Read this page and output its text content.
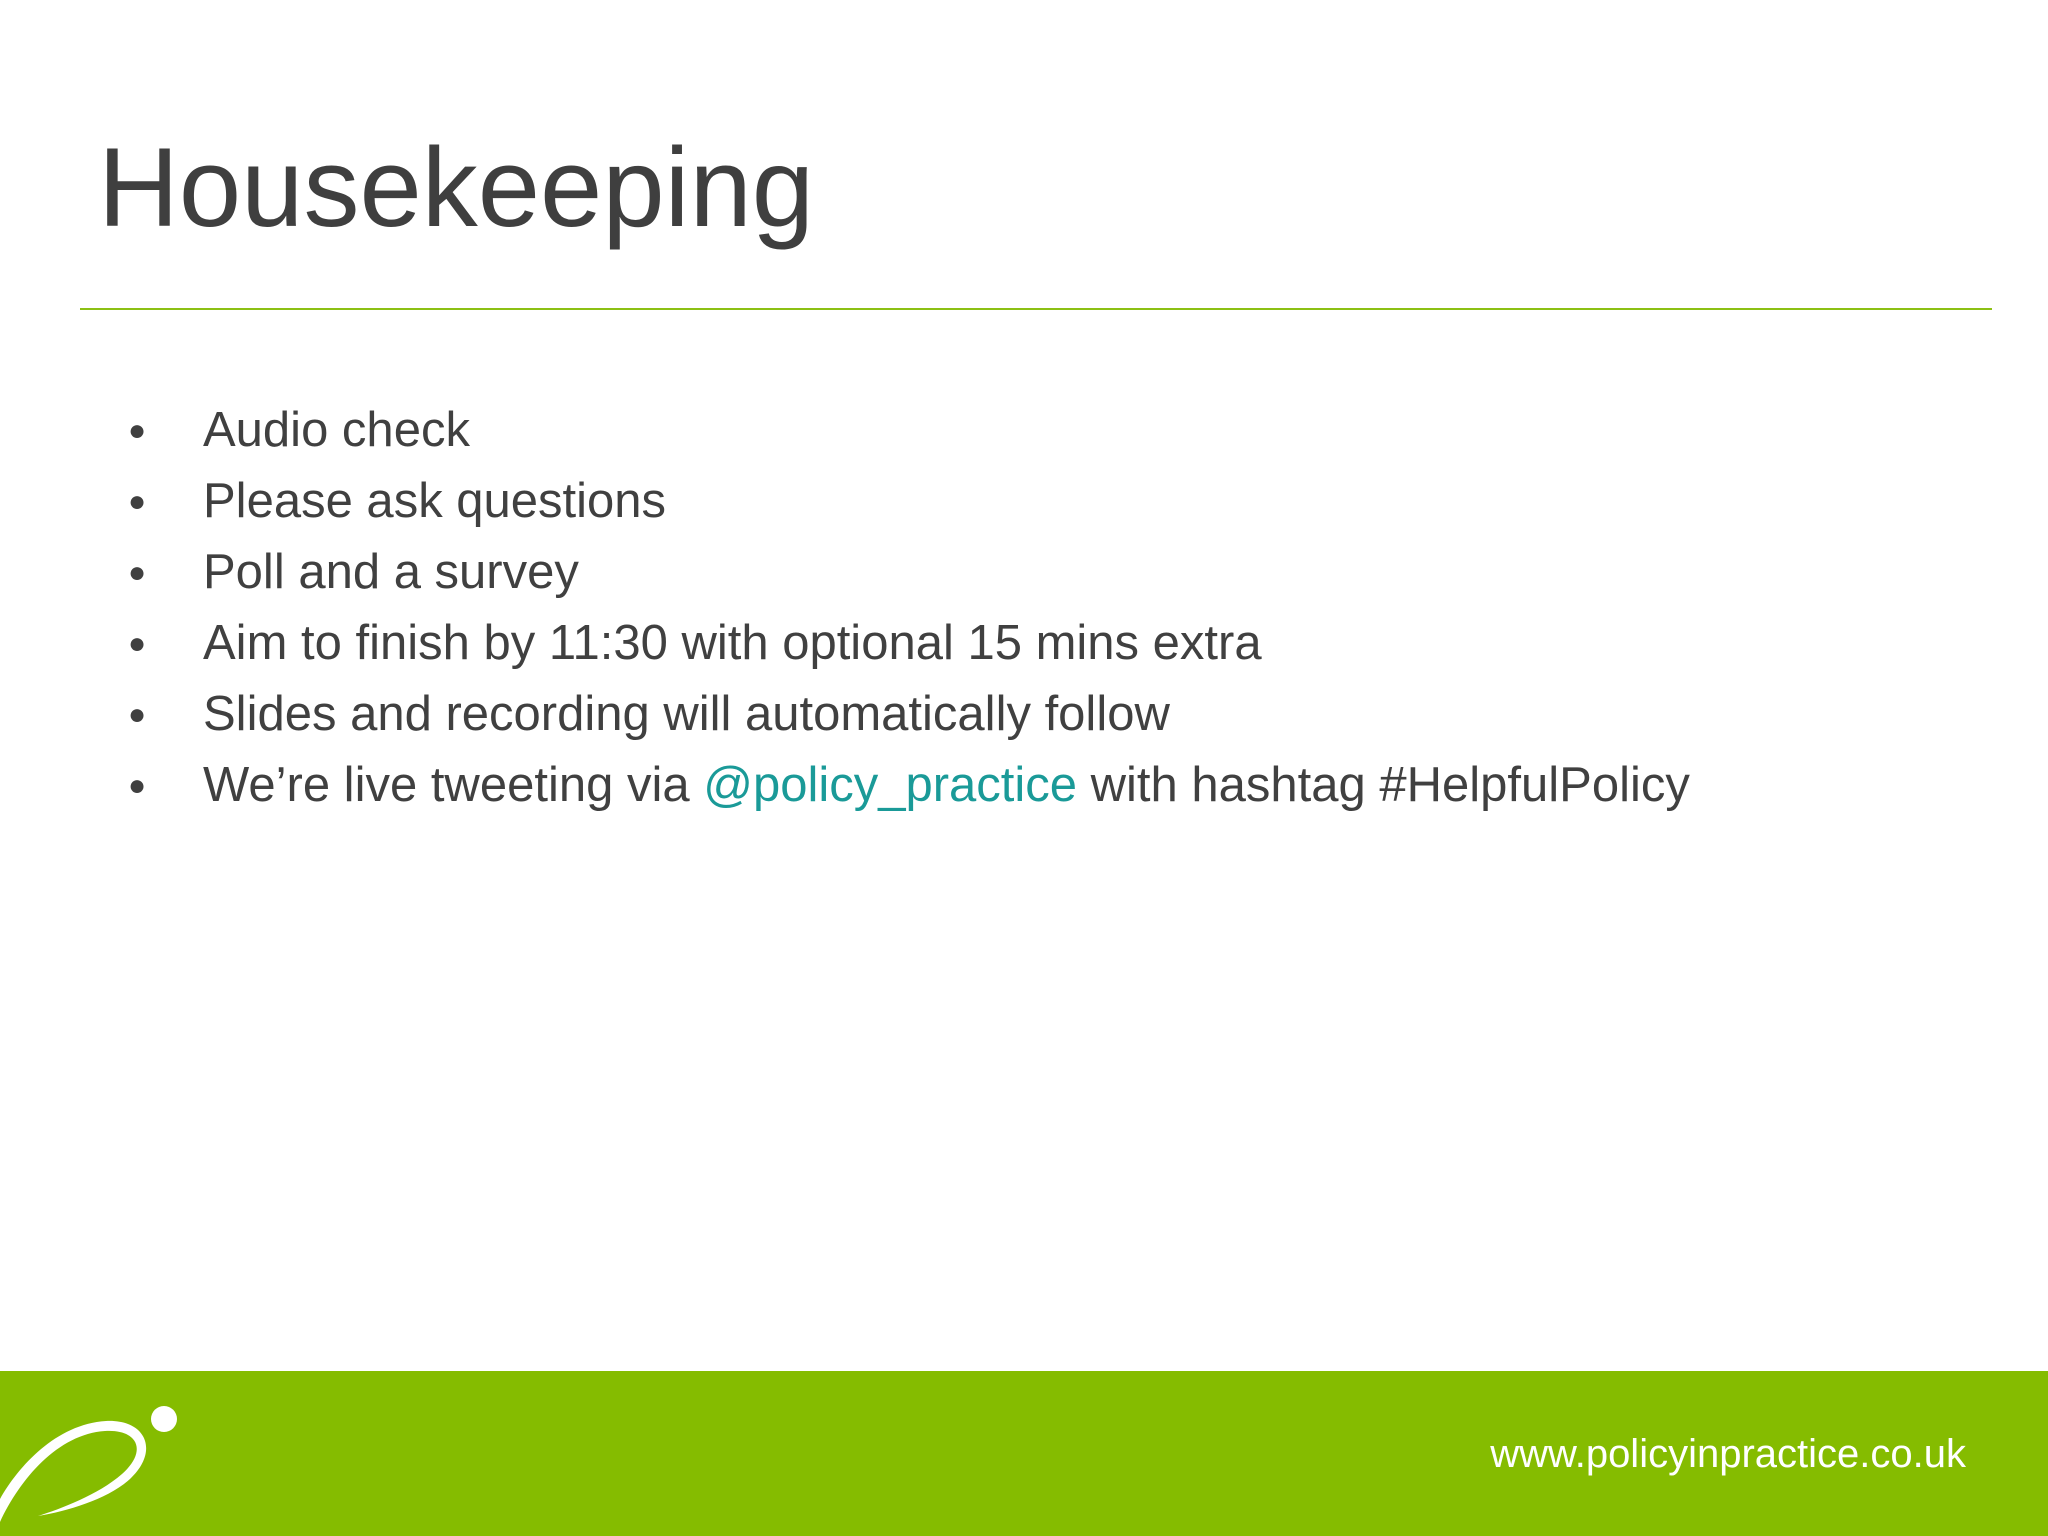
Housekeeping
● Audio check
● Please ask questions
● Poll and a survey
● Aim to finish by 11:30 with optional 15 mins extra
● Slides and recording will automatically follow
● We’re live tweeting via @policy_practice with hashtag #HelpfulPolicy
www.policyinpractice.co.uk
